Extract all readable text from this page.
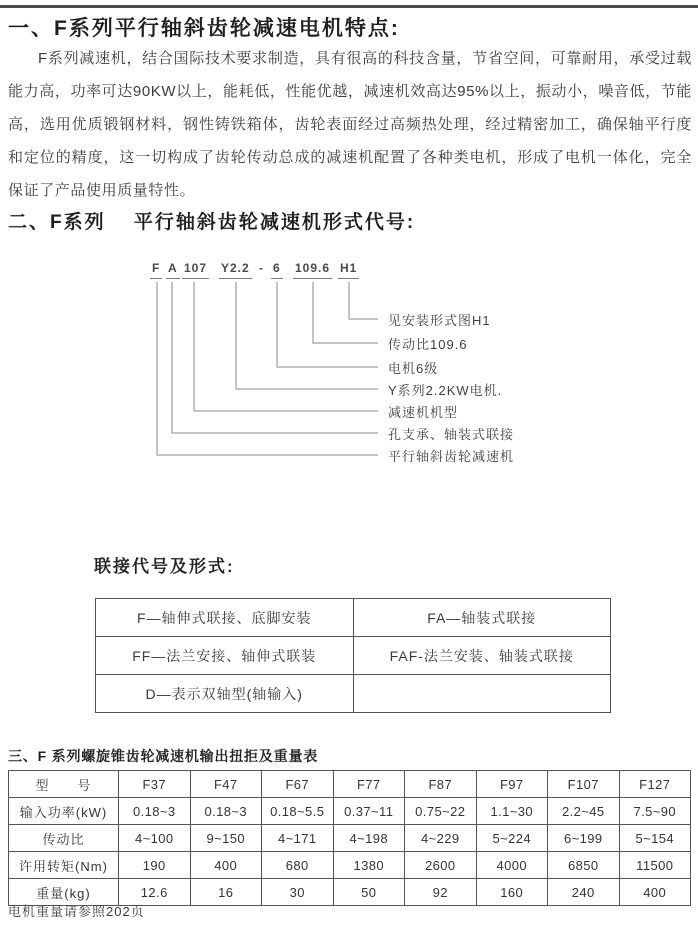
一、F系列平行轴斜齿轮减速电机特点:
F系列减速机，结合国际技术要求制造，具有很高的科技含量，节省空间，可靠耐用，承受过载能力高，功率可达90KW以上，能耗低，性能优越，减速机效高达95%以上，振动小，噪音低，节能高，选用优质锻钢材料，钢性铸铁箱体，齿轮表面经过高频热处理，经过精密加工，确保轴平行度和定位的精度，这一切构成了齿轮传动总成的减速机配置了各种类电机，形成了电机一体化，完全保证了产品使用质量特性。
二、F系列　 平行轴斜齿轮减速机形式代号:
F A 107 Y2.2 - 6 109.6 H1
见安装形式图H1
传动比109.6
电机6级
Y系列2.2KW电机.
减速机机型
孔支承、轴装式联接
平行轴斜齿轮减速机
联接代号及形式:
F—轴伸式联接、底脚安装	FA—轴装式联接
FF—法兰安接、轴伸式联装	FAF-法兰安装、轴装式联接
D—表示双轴型(轴输入)	
三、F 系列螺旋锥齿轮减速机输出扭拒及重量表
型　　号	F37	F47	F67	F77	F87	F97	F107	F127
输入功率(kW)	0.18~3	0.18~3	0.18~5.5	0.37~11	0.75~22	1.1~30	2.2~45	7.5~90
传动比	4~100	9~150	4~171	4~198	4~229	5~224	6~199	5~154
许用转矩(Nm)	190	400	680	1380	2600	4000	6850	11500
重量(kg)	12.6	16	30	50	92	160	240	400
电机重量请参照202页
